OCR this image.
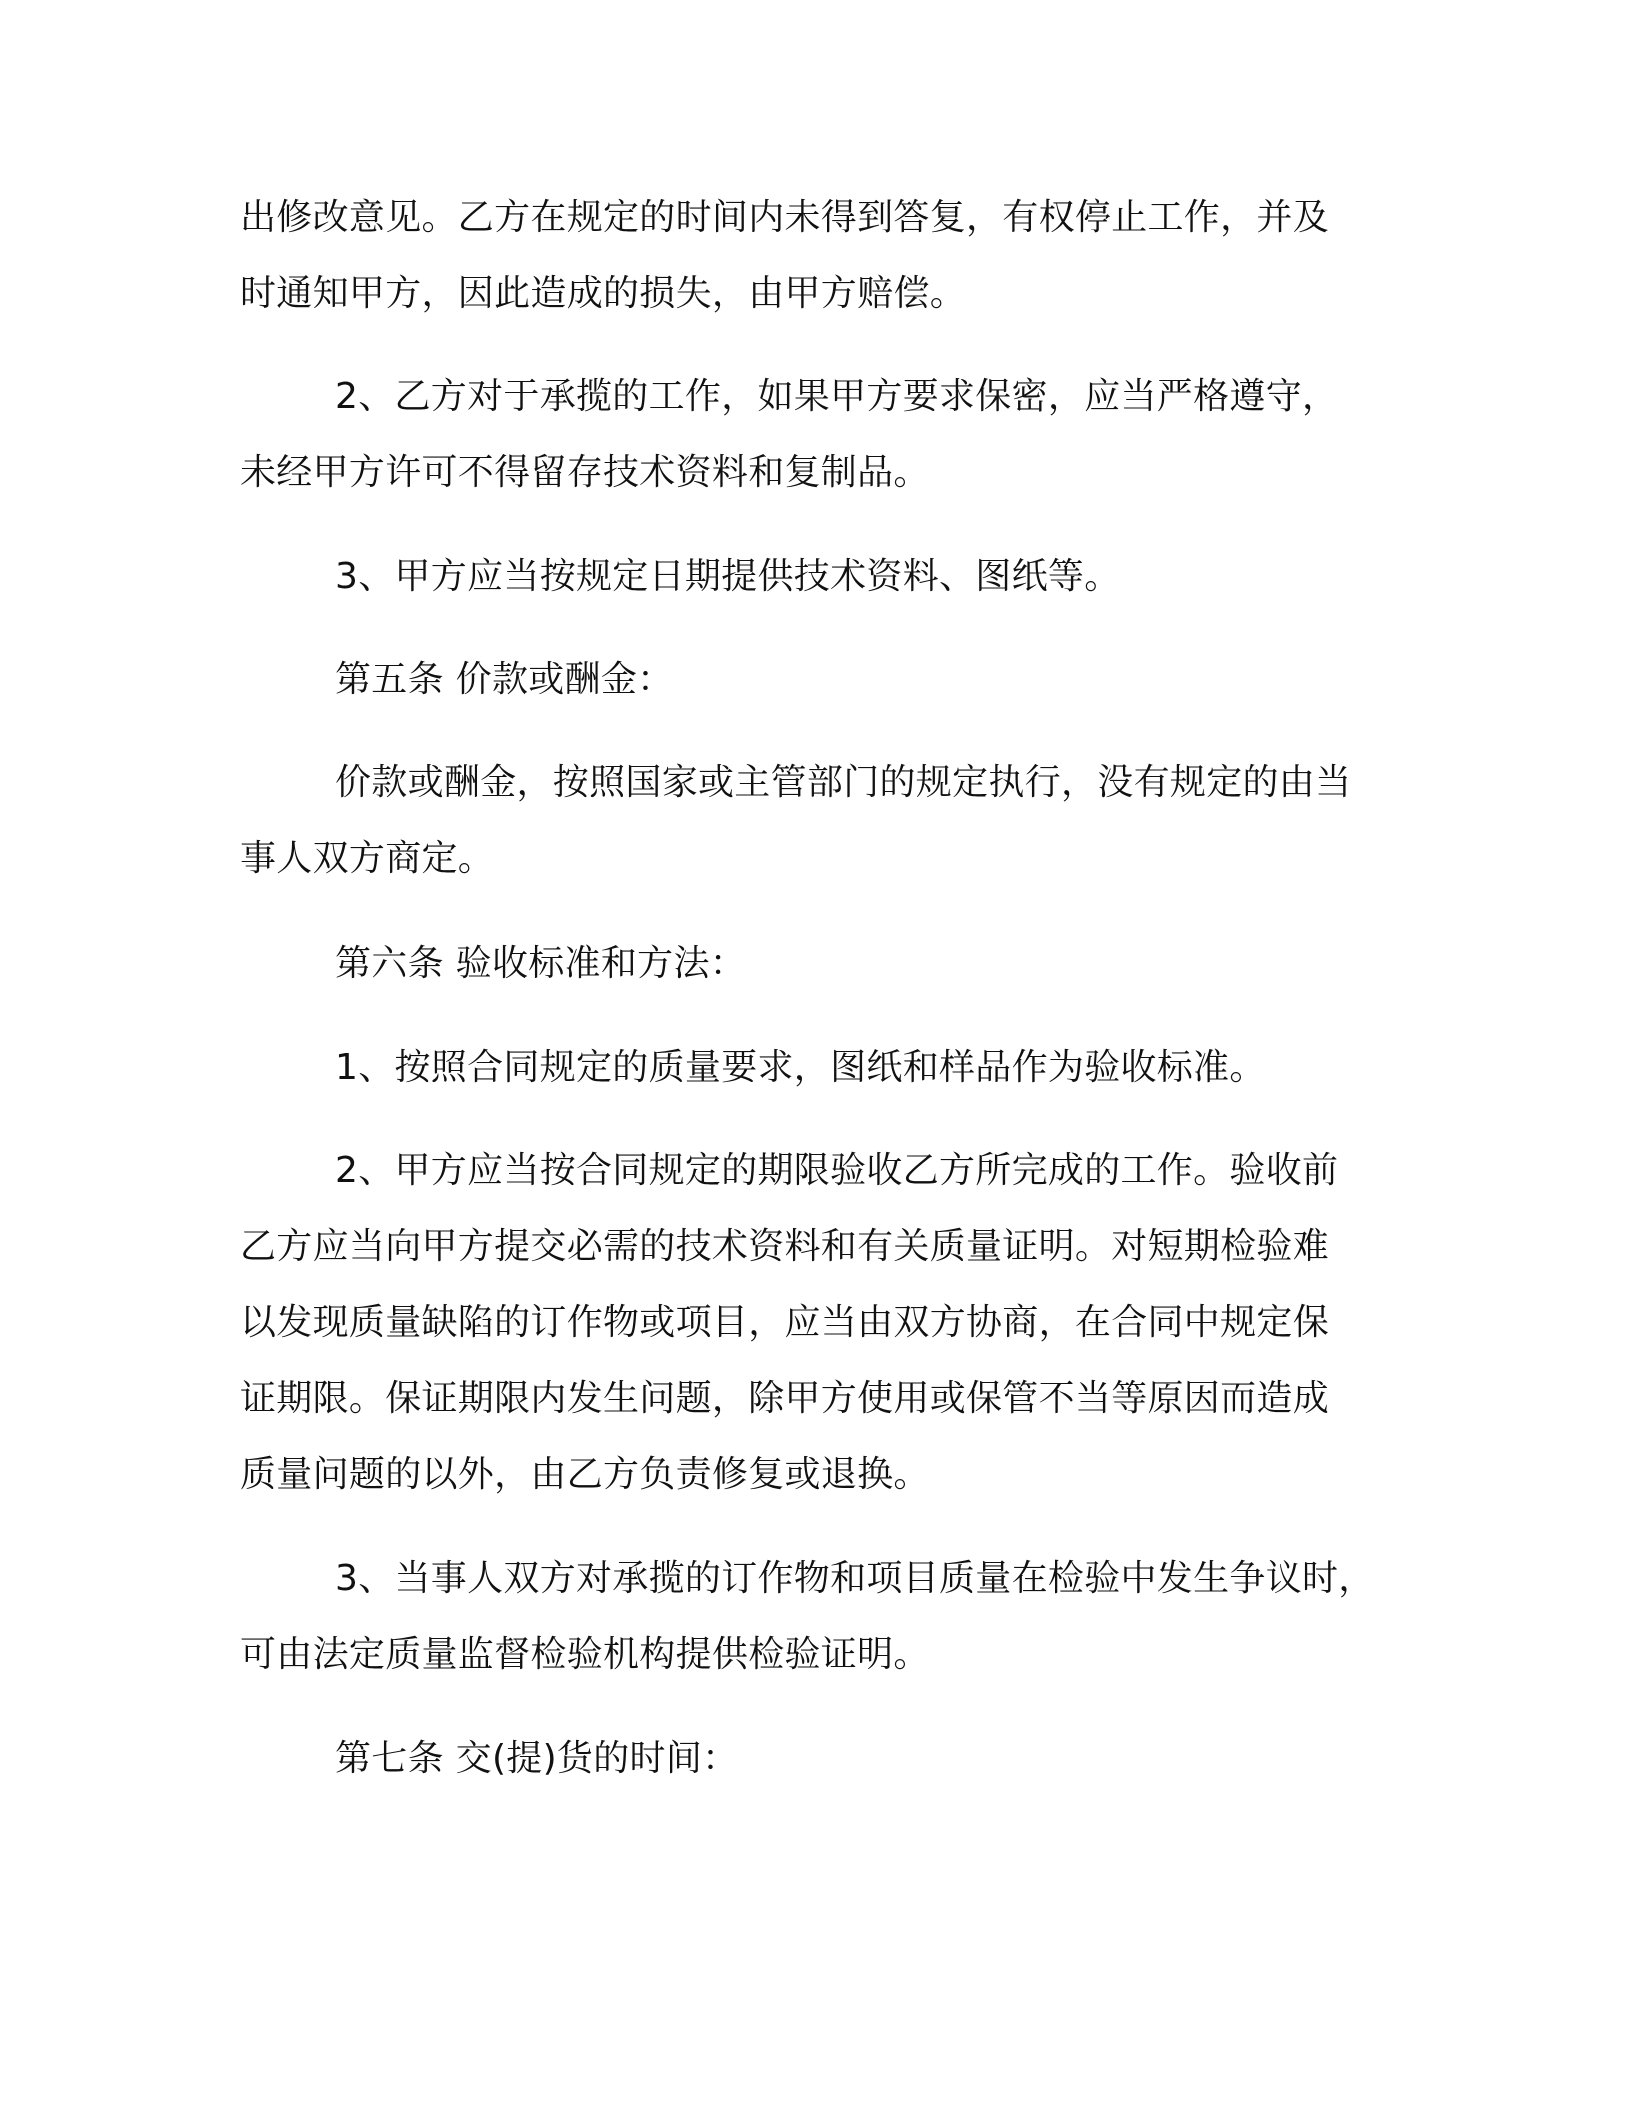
出修改意见。乙方在规定的时间内未得到答复，有权停止工作，并及
时通知甲方，因此造成的损失，由甲方赔偿。
2、乙方对于承揽的工作，如果甲方要求保密，应当严格遵守，
未经甲方许可不得留存技术资料和复制品。
3、甲方应当按规定日期提供技术资料、图纸等。
第五条 价款或酬金：
价款或酬金，按照国家或主管部门的规定执行，没有规定的由当
事人双方商定。
第六条 验收标准和方法：
1、按照合同规定的质量要求，图纸和样品作为验收标准。
2、甲方应当按合同规定的期限验收乙方所完成的工作。验收前
乙方应当向甲方提交必需的技术资料和有关质量证明。对短期检验难
以发现质量缺陷的订作物或项目，应当由双方协商，在合同中规定保
证期限。保证期限内发生问题，除甲方使用或保管不当等原因而造成
质量问题的以外，由乙方负责修复或退换。
3、当事人双方对承揽的订作物和项目质量在检验中发生争议时，
可由法定质量监督检验机构提供检验证明。
第七条 交(提)货的时间：
